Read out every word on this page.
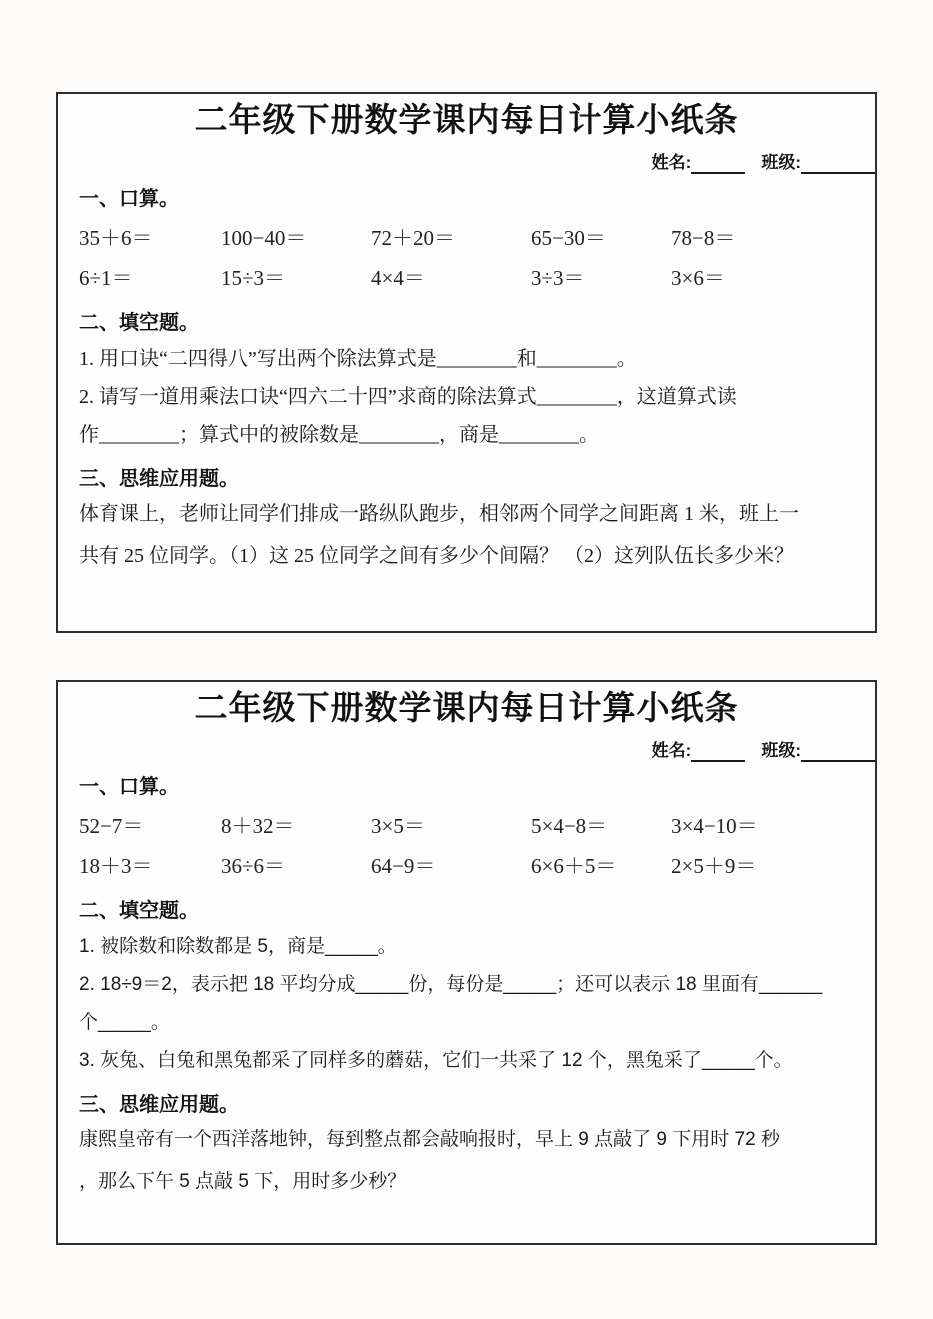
二年级下册数学课内每日计算小纸条
姓名:	班级:
一、口算。
35＋6＝	100−40＝	72＋20＝	65−30＝	78−8＝
6÷1＝	15÷3＝	4×4＝	3÷3＝	3×6＝
二、填空题。

1. 用口诀“二四得八”写出两个除法算式是________和________。

2. 请写一道用乘法口诀“四六二十四”求商的除法算式________，这道算式读

作________；算式中的被除数是________，商是________。

三、思维应用题。

体育课上，老师让同学们排成一路纵队跑步，相邻两个同学之间距离 1 米，班上一

共有 25 位同学。（1）这 25 位同学之间有多少个间隔？ （2）这列队伍长多少米？

二年级下册数学课内每日计算小纸条
姓名:	班级:
一、口算。
52−7＝	8＋32＝	3×5＝	5×4−8＝	3×4−10＝
18＋3＝	36÷6＝	64−9＝	6×6＋5＝	2×5＋9＝
二、填空题。

1. 被除数和除数都是 5，商是_____。

2. 18÷9＝2，表示把 18 平均分成_____份，每份是_____；还可以表示 18 里面有______

个_____。

3. 灰兔、白兔和黑兔都采了同样多的蘑菇，它们一共采了 12 个，黑兔采了_____个。

三、思维应用题。

康熙皇帝有一个西洋落地钟，每到整点都会敲响报时，早上 9 点敲了 9 下用时 72 秒

，那么下午 5 点敲 5 下，用时多少秒？
